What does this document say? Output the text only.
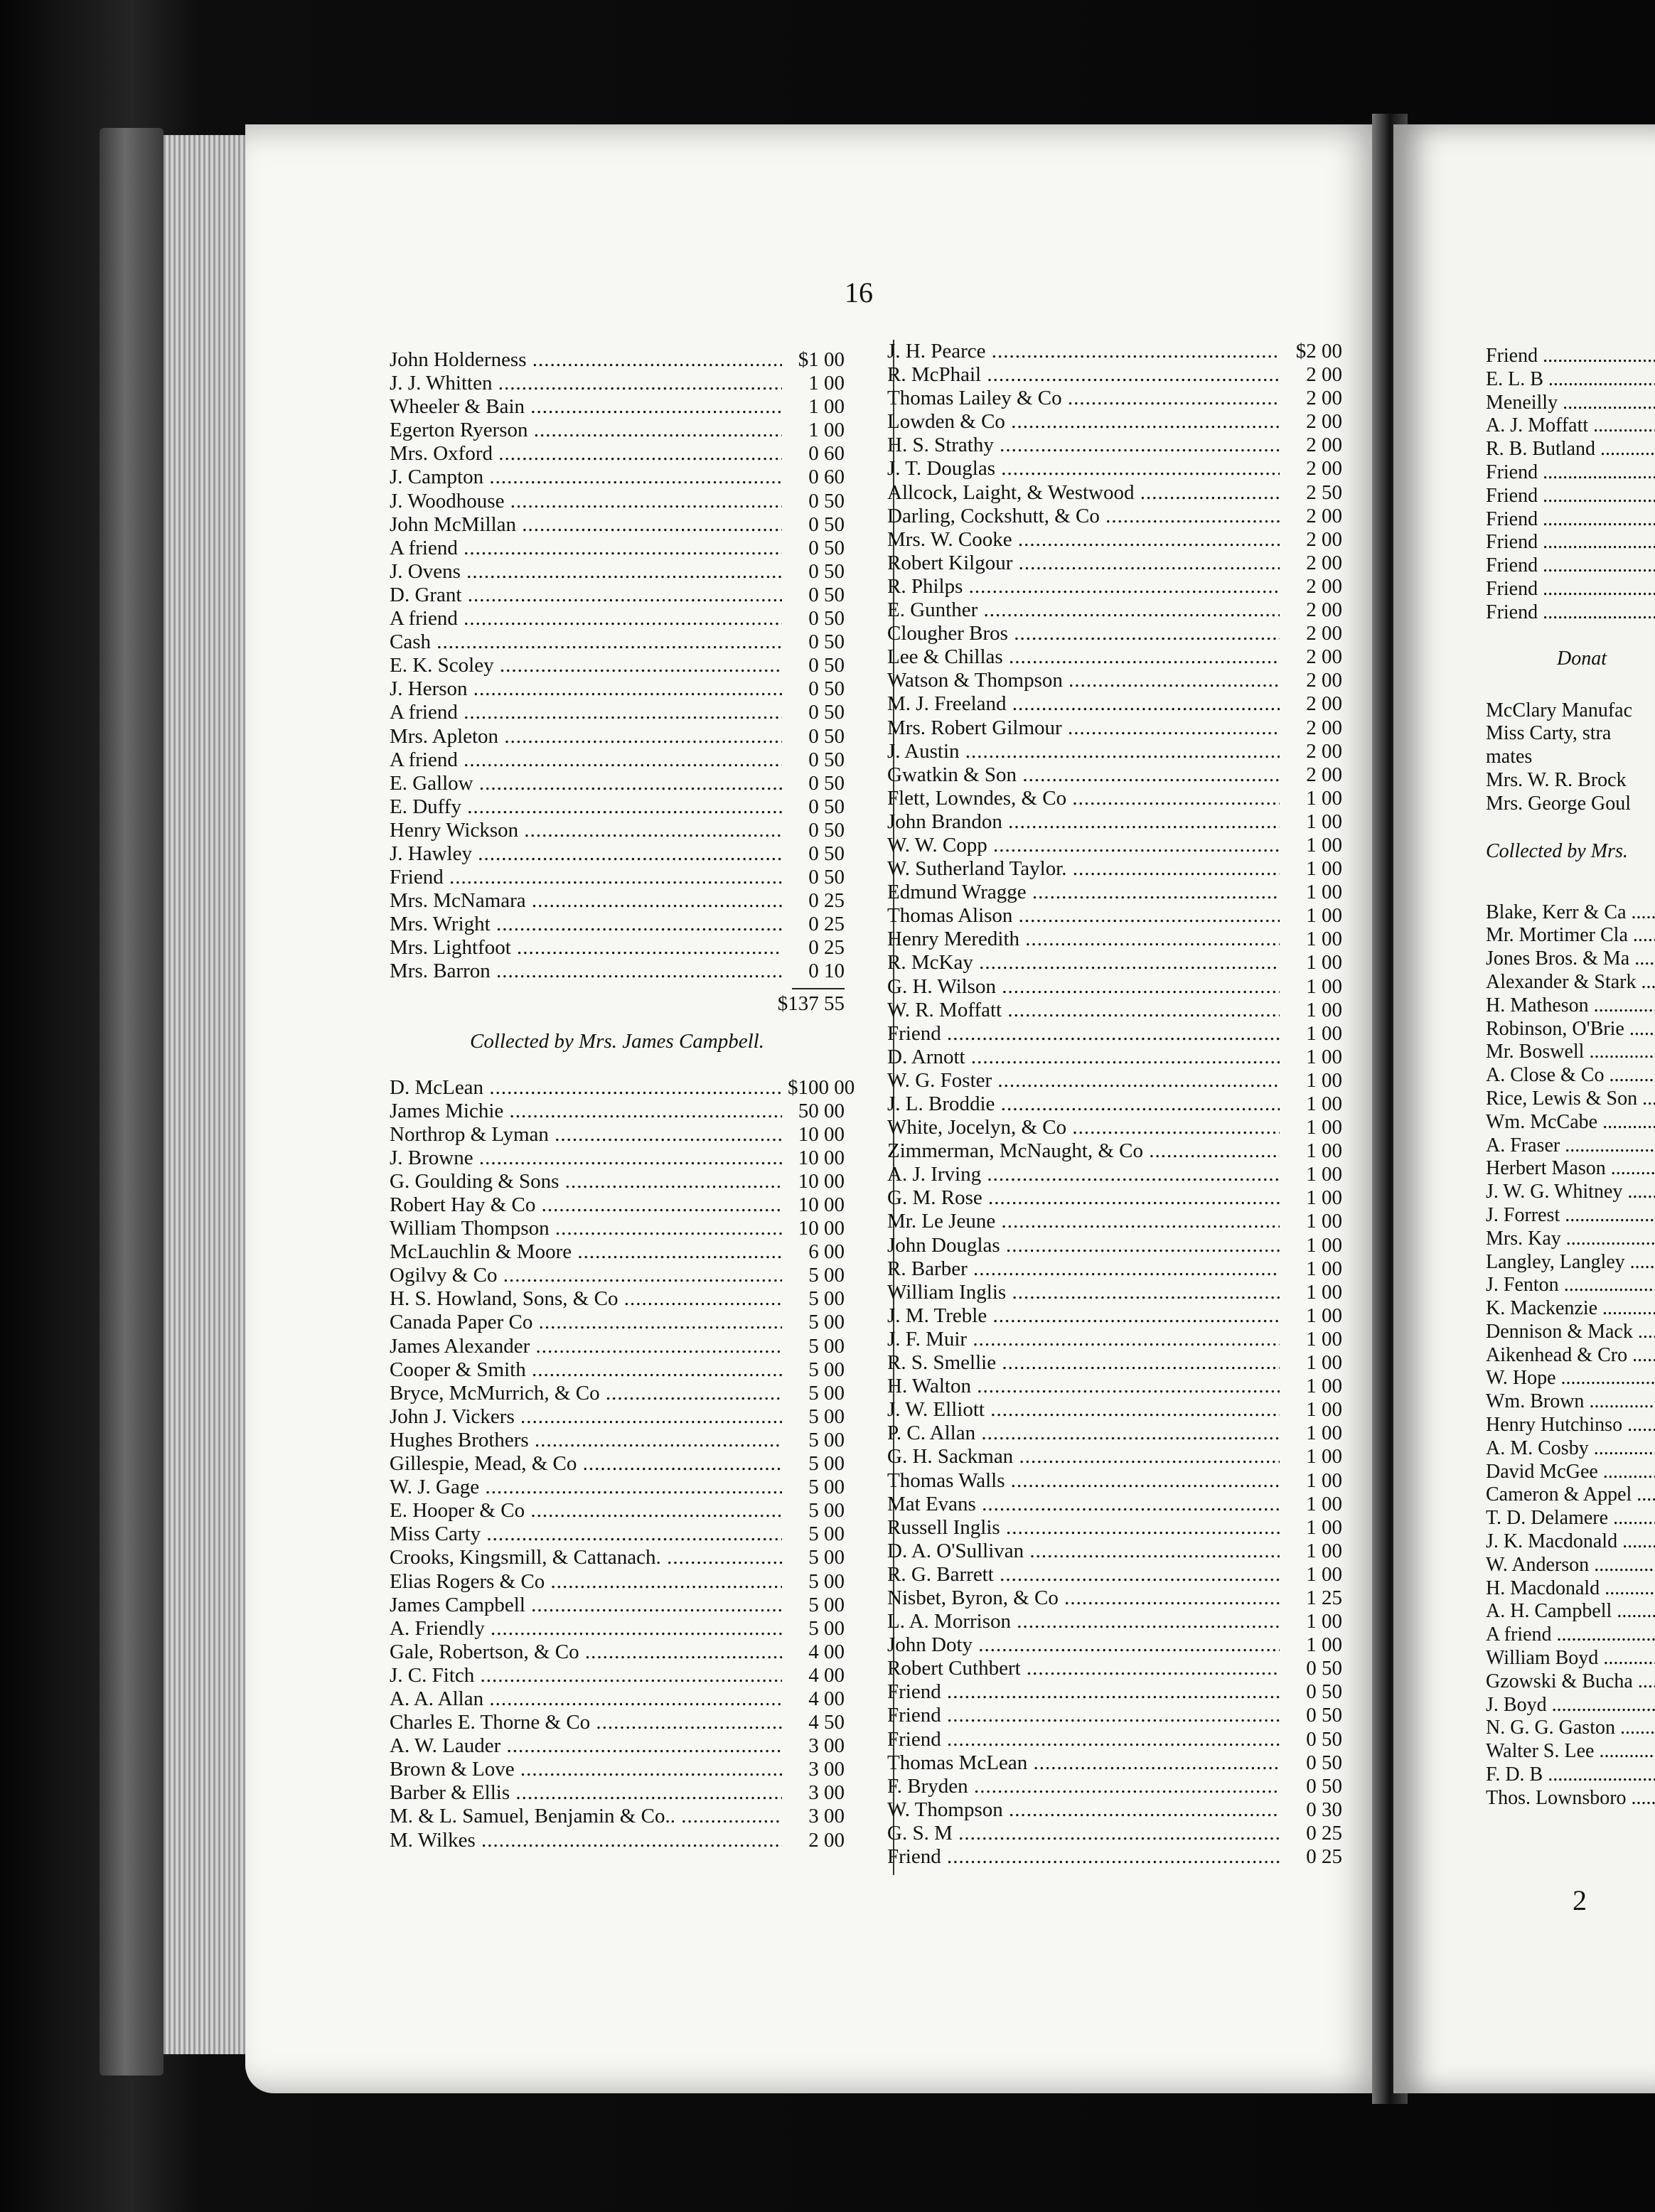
16
John Holderness .....	$1 00
J. J. Whitten .....	1 00
Wheeler & Bain .....	1 00
Egerton Ryerson .....	1 00
Mrs. Oxford .....	0 60
J. Campton .....	0 60
J. Woodhouse .....	0 50
John McMillan .....	0 50
A friend .....	0 50
J. Ovens .....	0 50
D. Grant .....	0 50
A friend .....	0 50
Cash .....	0 50
E. K. Scoley .....	0 50
J. Herson .....	0 50
A friend .....	0 50
Mrs. Apleton .....	0 50
A friend .....	0 50
E. Gallow .....	0 50
E. Duffy .....	0 50
Henry Wickson .....	0 50
J. Hawley .....	0 50
Friend .....	0 50
Mrs. McNamara .....	0 25
Mrs. Wright .....	0 25
Mrs. Lightfoot .....	0 25
Mrs. Barron .....	0 10
$137 55
Collected by Mrs. James Campbell.
D. McLean .....	$100 00
James Michie .....	50 00
Northrop & Lyman .....	10 00
J. Browne .....	10 00
G. Goulding & Sons .....	10 00
Robert Hay & Co .....	10 00
William Thompson .....	10 00
McLauchlin & Moore .....	6 00
Ogilvy & Co .....	5 00
H. S. Howland, Sons, & Co .....	5 00
Canada Paper Co .....	5 00
James Alexander .....	5 00
Cooper & Smith .....	5 00
Bryce, McMurrich, & Co .....	5 00
John J. Vickers .....	5 00
Hughes Brothers .....	5 00
Gillespie, Mead, & Co .....	5 00
W. J. Gage .....	5 00
E. Hooper & Co .....	5 00
Miss Carty .....	5 00
Crooks, Kingsmill, & Cattanach. .....	5 00
Elias Rogers & Co .....	5 00
James Campbell .....	5 00
A. Friendly .....	5 00
Gale, Robertson, & Co .....	4 00
J. C. Fitch .....	4 00
A. A. Allan .....	4 00
Charles E. Thorne & Co .....	4 50
A. W. Lauder .....	3 00
Brown & Love .....	3 00
Barber & Ellis .....	3 00
M. & L. Samuel, Benjamin & Co.. .....	3 00
M. Wilkes .....	2 00
J. H. Pearce .....	$2 00
R. McPhail .....	2 00
Thomas Lailey & Co .....	2 00
Lowden & Co .....	2 00
H. S. Strathy .....	2 00
J. T. Douglas .....	2 00
Allcock, Laight, & Westwood .....	2 50
Darling, Cockshutt, & Co .....	2 00
Mrs. W. Cooke .....	2 00
Robert Kilgour .....	2 00
R. Philps .....	2 00
E. Gunther .....	2 00
Clougher Bros .....	2 00
Lee & Chillas .....	2 00
Watson & Thompson .....	2 00
M. J. Freeland .....	2 00
Mrs. Robert Gilmour .....	2 00
J. Austin .....	2 00
Gwatkin & Son .....	2 00
Flett, Lowndes, & Co .....	1 00
John Brandon .....	1 00
W. W. Copp .....	1 00
W. Sutherland Taylor. .....	1 00
Edmund Wragge .....	1 00
Thomas Alison .....	1 00
Henry Meredith .....	1 00
R. McKay .....	1 00
G. H. Wilson .....	1 00
W. R. Moffatt .....	1 00
Friend .....	1 00
D. Arnott .....	1 00
W. G. Foster .....	1 00
J. L. Broddie .....	1 00
White, Jocelyn, & Co .....	1 00
Zimmerman, McNaught, & Co .....	1 00
A. J. Irving .....	1 00
G. M. Rose .....	1 00
Mr. Le Jeune .....	1 00
John Douglas .....	1 00
R. Barber .....	1 00
William Inglis .....	1 00
J. M. Treble .....	1 00
J. F. Muir .....	1 00
R. S. Smellie .....	1 00
H. Walton .....	1 00
J. W. Elliott .....	1 00
P. C. Allan .....	1 00
G. H. Sackman .....	1 00
Thomas Walls .....	1 00
Mat Evans .....	1 00
Russell Inglis .....	1 00
D. A. O'Sullivan .....	1 00
R. G. Barrett .....	1 00
Nisbet, Byron, & Co .....	1 25
L. A. Morrison .....	1 00
John Doty .....	1 00
Robert Cuthbert .....	0 50
Friend .....	0 50
Friend .....	0 50
Friend .....	0 50
Thomas McLean .....	0 50
F. Bryden .....	0 50
W. Thompson .....	0 30
G. S. M .....	0 25
Friend .....	0 25
Friend .....
E. L. B .....
Meneilly .....
A. J. Moffatt .....
R. B. Butland .....
Friend .....
Friend .....
Friend .....
Friend .....
Friend .....
Friend .....
Friend .....
Donat
McClary Manufac
Miss Carty, stra
mates
Mrs. W. R. Brock
Mrs. George Goul
Collected by Mrs.
Blake, Kerr & Ca .....
Mr. Mortimer Cla .....
Jones Bros. & Ma .....
Alexander & Stark .....
H. Matheson .....
Robinson, O'Brie .....
Mr. Boswell .....
A. Close & Co .....
Rice, Lewis & Son .....
Wm. McCabe .....
A. Fraser .....
Herbert Mason .....
J. W. G. Whitney .....
J. Forrest .....
Mrs. Kay .....
Langley, Langley .....
J. Fenton .....
K. Mackenzie .....
Dennison & Mack .....
Aikenhead & Cro .....
W. Hope .....
Wm. Brown .....
Henry Hutchinso .....
A. M. Cosby .....
David McGee .....
Cameron & Appel .....
T. D. Delamere .....
J. K. Macdonald .....
W. Anderson .....
H. Macdonald .....
A. H. Campbell .....
A friend .....
William Boyd .....
Gzowski & Bucha .....
J. Boyd .....
N. G. G. Gaston .....
Walter S. Lee .....
F. D. B .....
Thos. Lownsboro .....
2
